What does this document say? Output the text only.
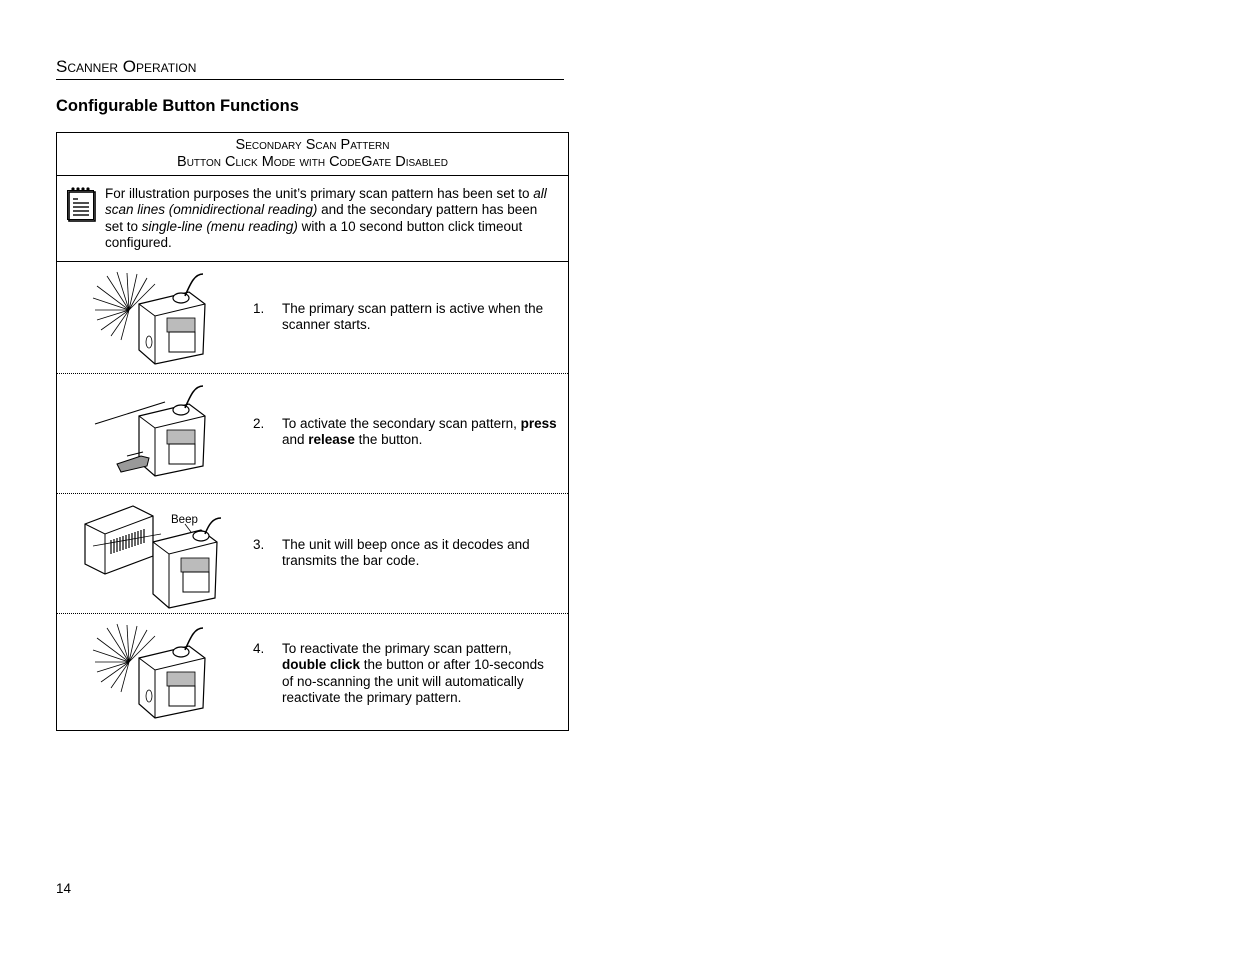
Scanner Operation
Configurable Button Functions
Secondary Scan Pattern
Button Click Mode with CodeGate Disabled
For illustration purposes the unit’s primary scan pattern has been set to all scan lines (omnidirectional reading) and the secondary pattern has been set to single-line (menu reading) with a 10 second button click timeout configured.
1. The primary scan pattern is active when the scanner starts.
2. To activate the secondary scan pattern, press and release the button.
Beep
3. The unit will beep once as it decodes and transmits the bar code.
4. To reactivate the primary scan pattern, double click the button or after 10-seconds of no-scanning the unit will automatically reactivate the primary pattern.
14
